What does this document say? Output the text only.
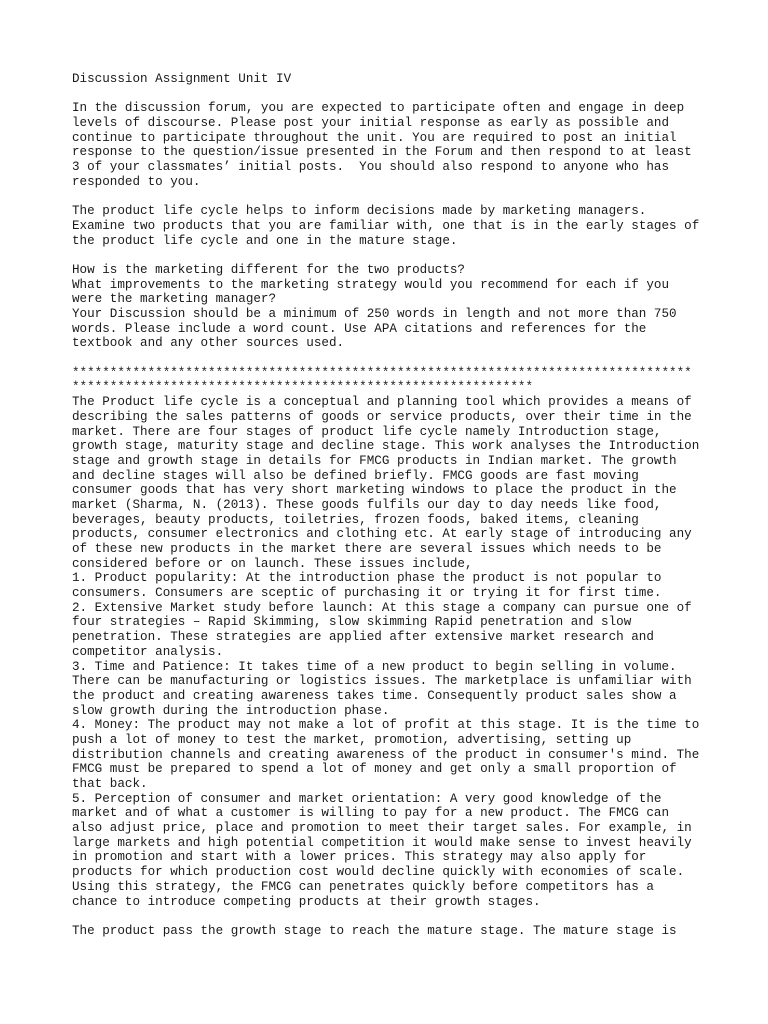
Discussion Assignment Unit IV
In the discussion forum, you are expected to participate often and engage in deep
levels of discourse. Please post your initial response as early as possible and
continue to participate throughout the unit. You are required to post an initial
response to the question/issue presented in the Forum and then respond to at least
3 of your classmates’ initial posts.  You should also respond to anyone who has
responded to you.
The product life cycle helps to inform decisions made by marketing managers.
Examine two products that you are familiar with, one that is in the early stages of
the product life cycle and one in the mature stage.
How is the marketing different for the two products?
What improvements to the marketing strategy would you recommend for each if you
were the marketing manager?
Your Discussion should be a minimum of 250 words in length and not more than 750
words. Please include a word count. Use APA citations and references for the
textbook and any other sources used.
**********************************************************************************
*************************************************************
The Product life cycle is a conceptual and planning tool which provides a means of
describing the sales patterns of goods or service products, over their time in the
market. There are four stages of product life cycle namely Introduction stage,
growth stage, maturity stage and decline stage. This work analyses the Introduction
stage and growth stage in details for FMCG products in Indian market. The growth
and decline stages will also be defined briefly. FMCG goods are fast moving
consumer goods that has very short marketing windows to place the product in the
market (Sharma, N. (2013). These goods fulfils our day to day needs like food,
beverages, beauty products, toiletries, frozen foods, baked items, cleaning
products, consumer electronics and clothing etc. At early stage of introducing any
of these new products in the market there are several issues which needs to be
considered before or on launch. These issues include,
1. Product popularity: At the introduction phase the product is not popular to
consumers. Consumers are sceptic of purchasing it or trying it for first time.
2. Extensive Market study before launch: At this stage a company can pursue one of
four strategies – Rapid Skimming, slow skimming Rapid penetration and slow
penetration. These strategies are applied after extensive market research and
competitor analysis.
3. Time and Patience: It takes time of a new product to begin selling in volume.
There can be manufacturing or logistics issues. The marketplace is unfamiliar with
the product and creating awareness takes time. Consequently product sales show a
slow growth during the introduction phase.
4. Money: The product may not make a lot of profit at this stage. It is the time to
push a lot of money to test the market, promotion, advertising, setting up
distribution channels and creating awareness of the product in consumer's mind. The
FMCG must be prepared to spend a lot of money and get only a small proportion of
that back.
5. Perception of consumer and market orientation: A very good knowledge of the
market and of what a customer is willing to pay for a new product. The FMCG can
also adjust price, place and promotion to meet their target sales. For example, in
large markets and high potential competition it would make sense to invest heavily
in promotion and start with a lower prices. This strategy may also apply for
products for which production cost would decline quickly with economies of scale.
Using this strategy, the FMCG can penetrates quickly before competitors has a
chance to introduce competing products at their growth stages.
The product pass the growth stage to reach the mature stage. The mature stage is
